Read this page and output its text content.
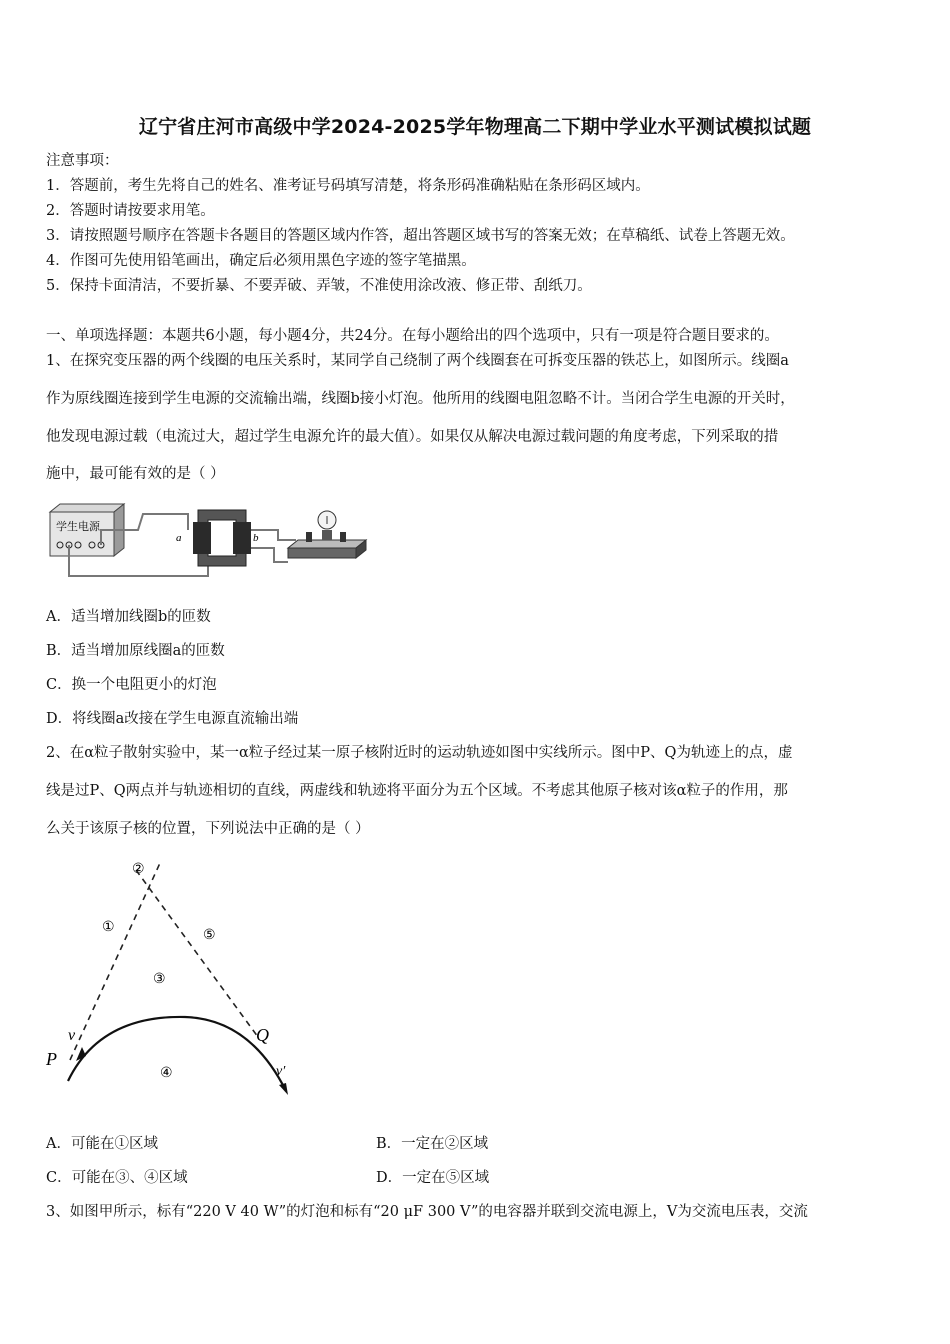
辽宁省庄河市高级中学2024-2025学年物理高二下期中学业水平测试模拟试题
注意事项：
1．答题前，考生先将自己的姓名、准考证号码填写清楚，将条形码准确粘贴在条形码区域内。
2．答题时请按要求用笔。
3．请按照题号顺序在答题卡各题目的答题区域内作答，超出答题区域书写的答案无效；在草稿纸、试卷上答题无效。
4．作图可先使用铅笔画出，确定后必须用黑色字迹的签字笔描黑。
5．保持卡面清洁，不要折暴、不要弄破、弄皱，不准使用涂改液、修正带、刮纸刀。
一、单项选择题：本题共6小题，每小题4分，共24分。在每小题给出的四个选项中，只有一项是符合题目要求的。
1、在探究变压器的两个线圈的电压关系时，某同学自己绕制了两个线圈套在可拆变压器的铁芯上，如图所示。线圈a
作为原线圈连接到学生电源的交流输出端，线圈b接小灯泡。他所用的线圈电阻忽略不计。当闭合学生电源的开关时，
他发现电源过载（电流过大，超过学生电源允许的最大值）。如果仅从解决电源过载问题的角度考虑，下列采取的措
施中，最可能有效的是（ ）
学生电源
a	b
A．适当增加线圈b的匝数
B．适当增加原线圈a的匝数
C．换一个电阻更小的灯泡
D．将线圈a改接在学生电源直流输出端
2、在α粒子散射实验中，某一α粒子经过某一原子核附近时的运动轨迹如图中实线所示。图中P、Q为轨迹上的点，虚
线是过P、Q两点并与轨迹相切的直线，两虚线和轨迹将平面分为五个区域。不考虑其他原子核对该α粒子的作用，那
么关于该原子核的位置，下列说法中正确的是（ ）
②
①	⑤
③
④
P
Q
v
v′
A．可能在①区域	B．一定在②区域
C．可能在③、④区域	D．一定在⑤区域
3、如图甲所示，标有“220 V 40 W”的灯泡和标有“20 μF 300 V”的电容器并联到交流电源上，V为交流电压表，交流
